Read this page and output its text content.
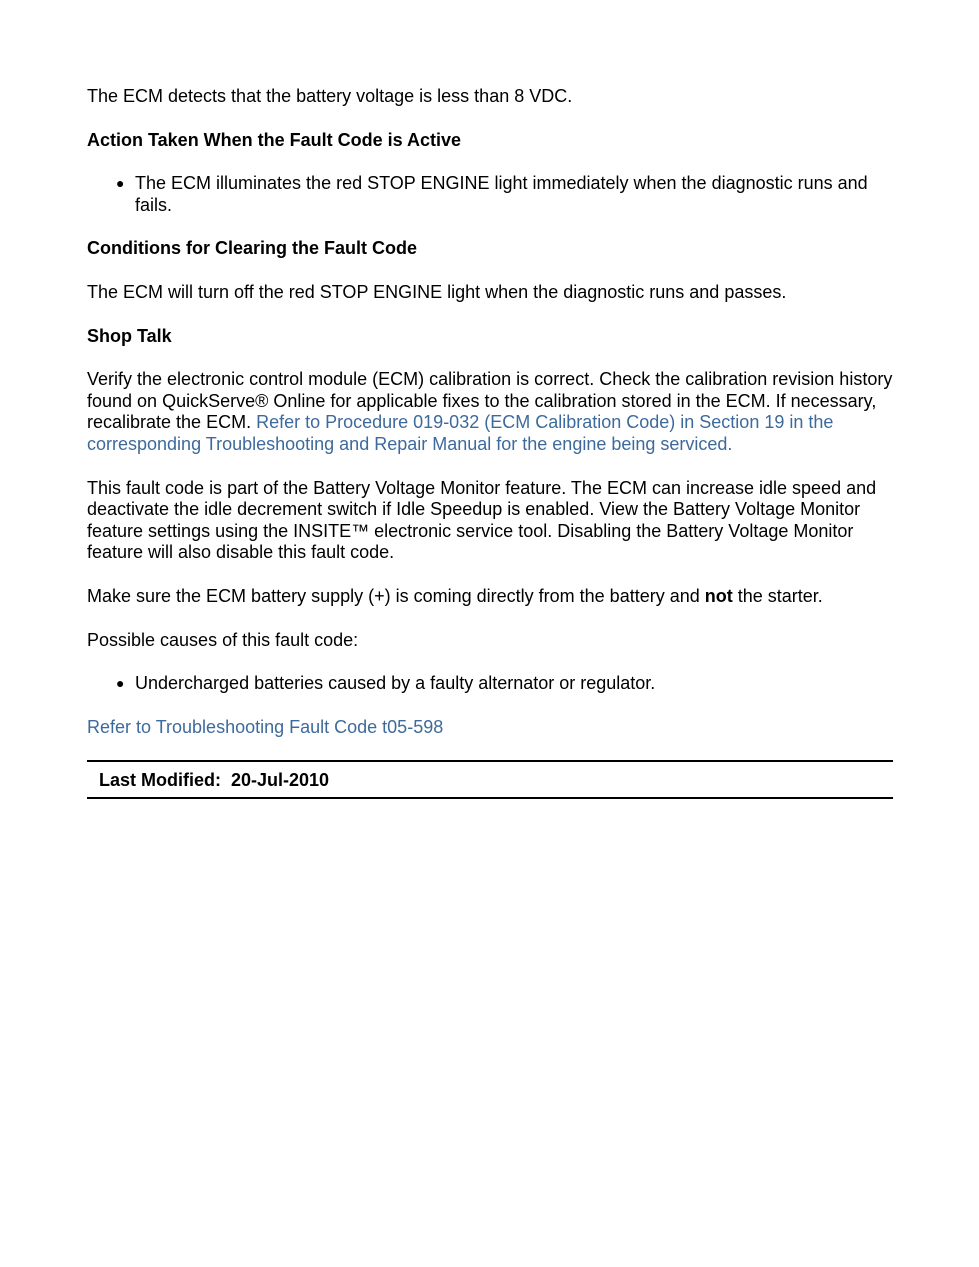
The ECM detects that the battery voltage is less than 8 VDC.

Action Taken When the Fault Code is Active

● The ECM illuminates the red STOP ENGINE light immediately when the diagnostic runs and fails.

Conditions for Clearing the Fault Code

The ECM will turn off the red STOP ENGINE light when the diagnostic runs and passes.

Shop Talk

Verify the electronic control module (ECM) calibration is correct. Check the calibration revision history found on QuickServe® Online for applicable fixes to the calibration stored in the ECM. If necessary, recalibrate the ECM. Refer to Procedure 019-032 (ECM Calibration Code) in Section 19 in the corresponding Troubleshooting and Repair Manual for the engine being serviced.

This fault code is part of the Battery Voltage Monitor feature. The ECM can increase idle speed and deactivate the idle decrement switch if Idle Speedup is enabled. View the Battery Voltage Monitor feature settings using the INSITE™ electronic service tool. Disabling the Battery Voltage Monitor feature will also disable this fault code.

Make sure the ECM battery supply (+) is coming directly from the battery and not the starter.

Possible causes of this fault code:

● Undercharged batteries caused by a faulty alternator or regulator.

Refer to Troubleshooting Fault Code t05-598

Last Modified: 20-Jul-2010
